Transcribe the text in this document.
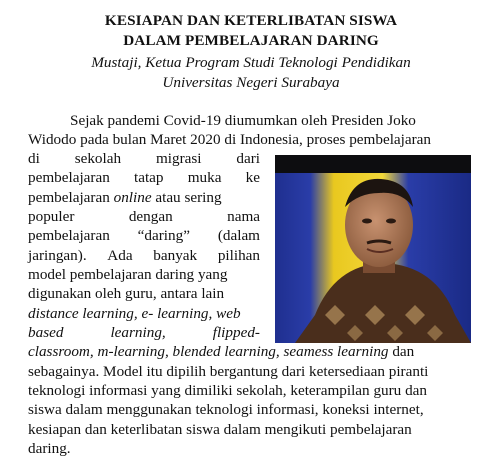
KESIAPAN DAN KETERLIBATAN SISWA
DALAM PEMBELAJARAN DARING
Mustaji, Ketua Program Studi Teknologi Pendidikan
Universitas Negeri Surabaya
Sejak pandemi Covid-19 diumumkan oleh Presiden Joko
Widodo pada bulan Maret 2020 di Indonesia, proses pembelajaran
di sekolah migrasi dari
pembelajaran tatap muka ke
pembelajaran online atau sering
populer	dengan	nama
pembelajaran “daring” (dalam
jaringan). Ada banyak pilihan
model pembelajaran daring yang
digunakan oleh guru, antara lain
distance learning, e- learning, web
based	learning,	flipped-
classroom, m-learning, blended learning, seamess learning dan
sebagainya. Model itu dipilih bergantung dari ketersediaan piranti
teknologi informasi yang dimiliki sekolah, keterampilan guru dan
siswa dalam menggunakan teknologi informasi, koneksi internet,
kesiapan dan keterlibatan siswa dalam mengikuti pembelajaran
daring.
